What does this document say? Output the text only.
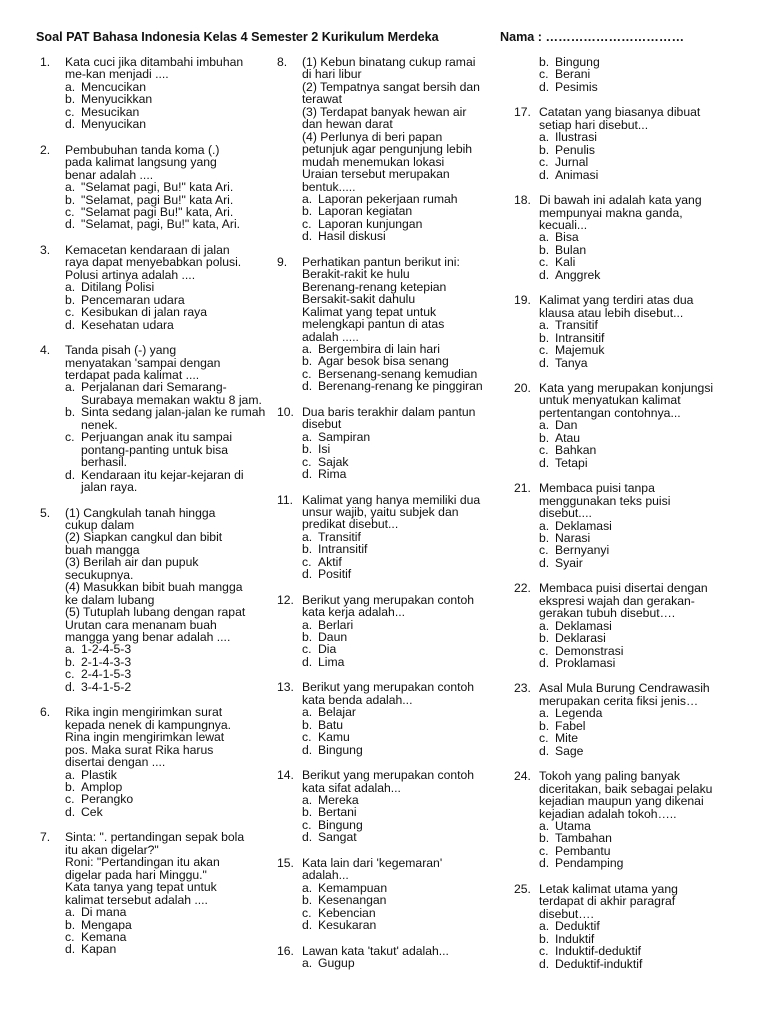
Soal PAT Bahasa Indonesia Kelas 4 Semester 2 Kurikulum Merdeka	Nama : ……………………………
1. Kata cuci jika ditambahi imbuhan
me-kan menjadi ....
a. Mencucikan
b. Menyucikkan
c. Mesucikan
d. Menyucikan
2. Pembubuhan tanda koma (.)
pada kalimat langsung yang
benar adalah ....
a. "Selamat pagi, Bu!" kata Ari.
b. "Selamat, pagi Bu!" kata Ari.
c. "Selamat pagi Bu!" kata, Ari.
d. "Selamat, pagi, Bu!" kata, Ari.
3. Kemacetan kendaraan di jalan
raya dapat menyebabkan polusi.
Polusi artinya adalah ....
a. Ditilang Polisi
b. Pencemaran udara
c. Kesibukan di jalan raya
d. Kesehatan udara
4. Tanda pisah (-) yang
menyatakan 'sampai dengan
terdapat pada kalimat ....
a. Perjalanan dari Semarang-Surabaya memakan waktu 8 jam.
b. Sinta sedang jalan-jalan ke rumah nenek.
c. Perjuangan anak itu sampai pontang-panting untuk bisa berhasil.
d. Kendaraan itu kejar-kejaran di jalan raya.
5. (1) Cangkulah tanah hingga
cukup dalam
(2) Siapkan cangkul dan bibit
buah mangga
(3) Berilah air dan pupuk
secukupnya.
(4) Masukkan bibit buah mangga
ke dalam lubang
(5) Tutuplah lubang dengan rapat
Urutan cara menanam buah
mangga yang benar adalah ....
a. 1-2-4-5-3
b. 2-1-4-3-3
c. 2-4-1-5-3
d. 3-4-1-5-2
6. Rika ingin mengirimkan surat
kepada nenek di kampungnya.
Rina ingin mengirimkan lewat
pos. Maka surat Rika harus
disertai dengan ....
a. Plastik
b. Amplop
c. Perangko
d. Cek
7. Sinta: ". pertandingan sepak bola
itu akan digelar?"
Roni: "Pertandingan itu akan
digelar pada hari Minggu."
Kata tanya yang tepat untuk
kalimat tersebut adalah ....
a. Di mana
b. Mengapa
c. Kemana
d. Kapan
8. (1) Kebun binatang cukup ramai
di hari libur
(2) Tempatnya sangat bersih dan
terawat
(3) Terdapat banyak hewan air
dan hewan darat
(4) Perlunya di beri papan
petunjuk agar pengunjung lebih
mudah menemukan lokasi
Uraian tersebut merupakan
bentuk.....
a. Laporan pekerjaan rumah
b. Laporan kegiatan
c. Laporan kunjungan
d. Hasil diskusi
9. Perhatikan pantun berikut ini:
Berakit-rakit ke hulu
Berenang-renang ketepian
Bersakit-sakit dahulu
Kalimat yang tepat untuk
melengkapi pantun di atas
adalah .....
a. Bergembira di lain hari
b. Agar besok bisa senang
c. Bersenang-senang kemudian
d. Berenang-renang ke pinggiran
10. Dua baris terakhir dalam pantun
disebut
a. Sampiran
b. Isi
c. Sajak
d. Rima
11. Kalimat yang hanya memiliki dua
unsur wajib, yaitu subjek dan
predikat disebut...
a. Transitif
b. Intransitif
c. Aktif
d. Positif
12. Berikut yang merupakan contoh
kata kerja adalah...
a. Berlari
b. Daun
c. Dia
d. Lima
13. Berikut yang merupakan contoh
kata benda adalah...
a. Belajar
b. Batu
c. Kamu
d. Bingung
14. Berikut yang merupakan contoh
kata sifat adalah...
a. Mereka
b. Bertani
c. Bingung
d. Sangat
15. Kata lain dari 'kegemaran'
adalah...
a. Kemampuan
b. Kesenangan
c. Kebencian
d. Kesukaran
16. Lawan kata 'takut' adalah...
a. Gugup
b. Bingung
c. Berani
d. Pesimis
17. Catatan yang biasanya dibuat
setiap hari disebut...
a. Ilustrasi
b. Penulis
c. Jurnal
d. Animasi
18. Di bawah ini adalah kata yang
mempunyai makna ganda,
kecuali...
a. Bisa
b. Bulan
c. Kali
d. Anggrek
19. Kalimat yang terdiri atas dua
klausa atau lebih disebut...
a. Transitif
b. Intransitif
c. Majemuk
d. Tanya
20. Kata yang merupakan konjungsi
untuk menyatukan kalimat
pertentangan contohnya...
a. Dan
b. Atau
c. Bahkan
d. Tetapi
21. Membaca puisi tanpa
menggunakan teks puisi
disebut....
a. Deklamasi
b. Narasi
c. Bernyanyi
d. Syair
22. Membaca puisi disertai dengan
ekspresi wajah dan gerakan-
gerakan tubuh disebut….
a. Deklamasi
b. Deklarasi
c. Demonstrasi
d. Proklamasi
23. Asal Mula Burung Cendrawasih
merupakan cerita fiksi jenis…
a. Legenda
b. Fabel
c. Mite
d. Sage
24. Tokoh yang paling banyak
diceritakan, baik sebagai pelaku
kejadian maupun yang dikenai
kejadian adalah tokoh…..
a. Utama
b. Tambahan
c. Pembantu
d. Pendamping
25. Letak kalimat utama yang
terdapat di akhir paragraf
disebut….
a. Deduktif
b. Induktif
c. Induktif-deduktif
d. Deduktif-induktif
